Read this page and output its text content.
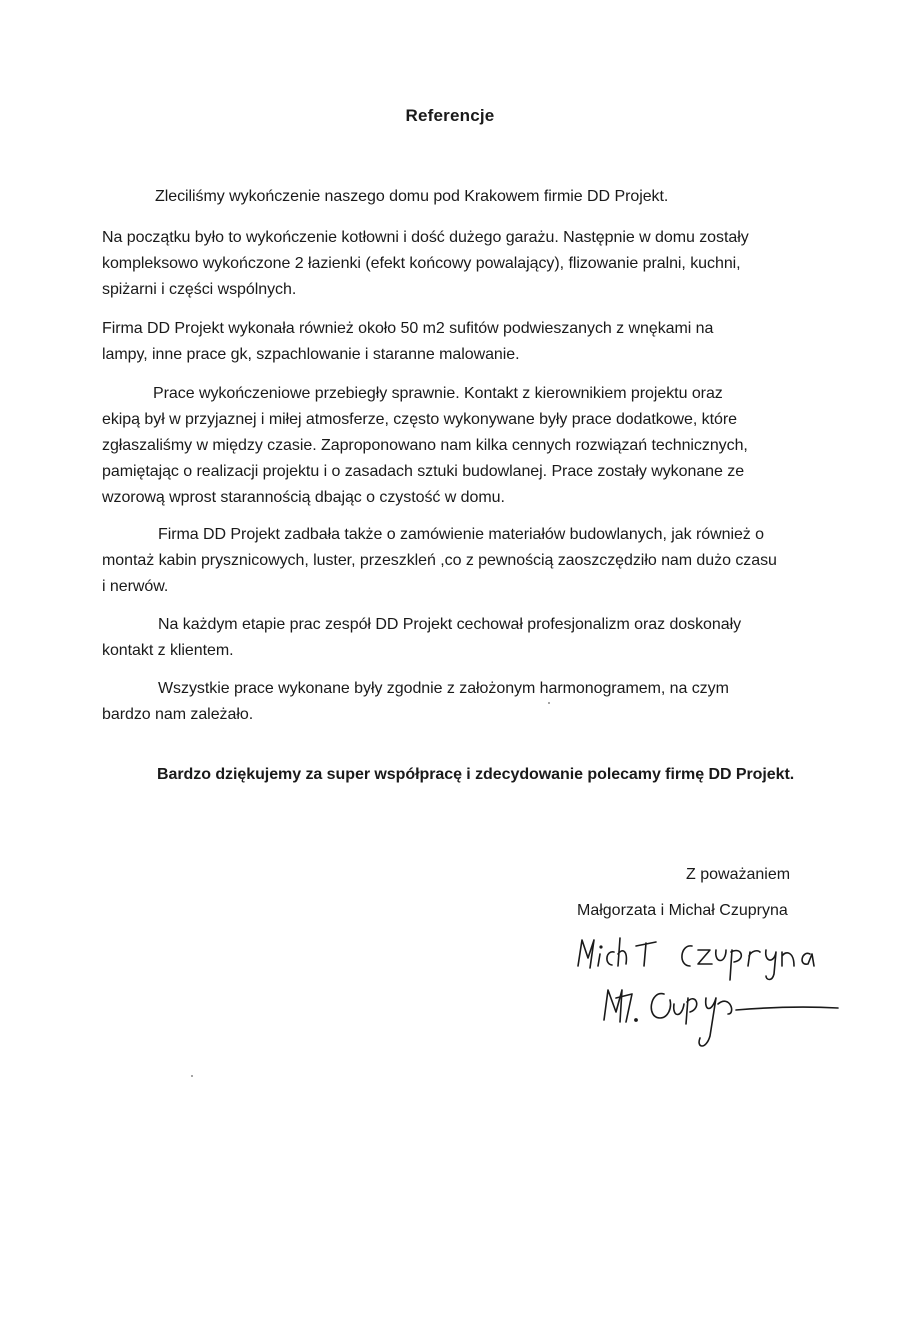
Referencje
Zleciliśmy wykończenie naszego domu pod Krakowem firmie DD Projekt.
Na początku było to wykończenie kotłowni i dość dużego garażu. Następnie w domu zostały
kompleksowo wykończone 2 łazienki (efekt końcowy powalający), flizowanie pralni, kuchni,
spiżarni i części wspólnych.
Firma DD Projekt wykonała również około 50 m2 sufitów podwieszanych z wnękami na
lampy, inne prace gk, szpachlowanie i staranne malowanie.
Prace wykończeniowe przebiegły sprawnie. Kontakt z kierownikiem projektu oraz
ekipą był w przyjaznej i miłej atmosferze, często wykonywane były prace dodatkowe, które
zgłaszaliśmy w między czasie. Zaproponowano nam kilka cennych rozwiązań technicznych,
pamiętając o realizacji projektu i o zasadach sztuki budowlanej. Prace zostały wykonane ze
wzorową wprost starannością dbając o czystość w domu.
Firma DD Projekt zadbała także o zamówienie materiałów budowlanych, jak również o
montaż kabin prysznicowych, luster, przeszkleń ,co z pewnością zaoszczędziło nam dużo czasu
i nerwów.
Na każdym etapie prac zespół DD Projekt cechował profesjonalizm oraz doskonały
kontakt z klientem.
Wszystkie prace wykonane były zgodnie z założonym harmonogramem, na czym
bardzo nam zależało.
Bardzo dziękujemy za super współpracę i zdecydowanie polecamy firmę DD Projekt.
Z poważaniem
Małgorzata i Michał Czupryna
